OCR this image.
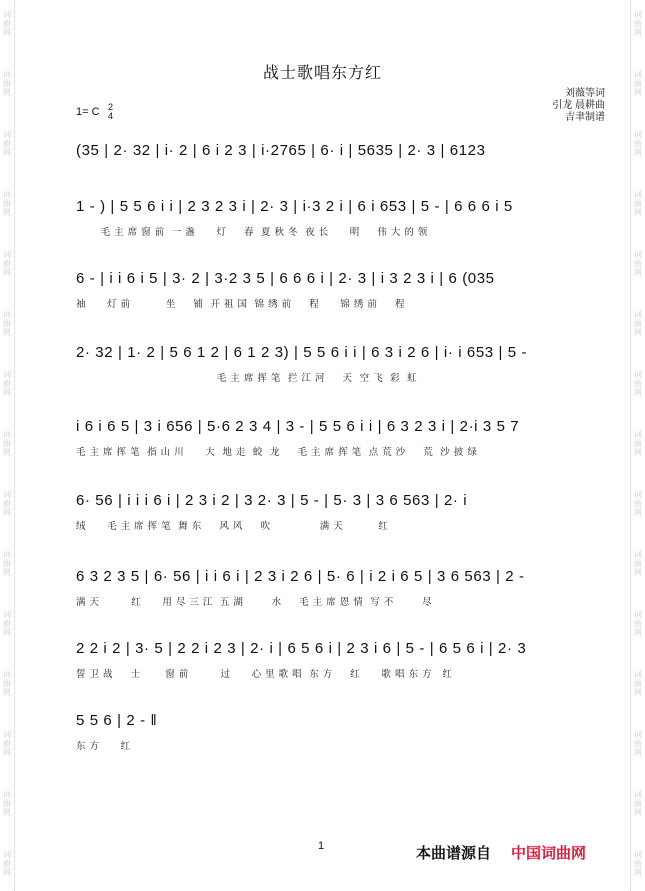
词
曲
网
词
曲
网
词
曲
网
词
曲
网
词
曲
网
词
曲
网
词
曲
网
词
曲
网
词
曲
网
词
曲
网
词
曲
网
词
曲
网
词
曲
网
词
曲
网
词
曲
网
词
曲
网
词
曲
网
词
曲
网
词
曲
网
词
曲
网
词
曲
网
词
曲
网
词
曲
网
词
曲
网
词
曲
网
词
曲
网
词
曲
网
词
曲
网
词
曲
网
词
曲
网
战士歌唱东方红
刘薇等词
引龙 晨耕曲
吉聿制谱
1= C 2
4
(35 | 2· 32 | i· 2 | 6 i 2 3 | i·2765 | 6· i | 5635 | 2· 3 | 6123
1 - ) | 5 5 6 i i | 2 3 2 3 i | 2· 3 | i·3 2 i | 6 i 653 | 5 - | 6 6 6 i 5
毛 主 席 窗 前  一 盏      灯     春  夏 秋 冬  夜 长      明     伟 大 的 领
6 - | i i 6 i 5 | 3· 2 | 3·2 3 5 | 6 6 6 i | 2· 3 | i 3 2 3 i | 6 (035
袖      灯 前          坐     铺  开 祖 国  锦 绣 前     程      锦 绣 前     程
2· 32 | 1· 2 | 5 6 1 2 | 6 1 2 3) | 5 5 6 i i | 6 3 i 2 6 | i· i 653 | 5 -
毛 主 席 挥 笔  拦 江 河     天  空 飞  彩  虹
i 6 i 6 5 | 3 i 656 | 5·6 2 3 4 | 3 - | 5 5 6 i i | 6 3 2 3 i | 2·i 3 5 7
毛 主 席 挥 笔  指 山 川      大  地 走  蛟  龙     毛 主 席 挥 笔  点 荒 沙     荒  沙 披 绿
6· 56 | i i i 6 i | 2 3 i 2 | 3 2· 3 | 5 - | 5· 3 | 3 6 563 | 2· i
绒      毛 主 席 挥 笔  舞 东     风 风     吹              满 天          红
6 3 2 3 5 | 6· 56 | i i 6 i | 2 3 i 2 6 | 5· 6 | i 2 i 6 5 | 3 6 563 | 2 -
满 天         红      用 尽 三 江  五 湖        水     毛 主 席 恩 情  写 不        尽
2 2 i 2 | 3· 5 | 2 2 i 2 3 | 2· i | 6 5 6 i | 2 3 i 6 | 5 - | 6 5 6 i | 2· 3
誓 卫 战     士       窗 前         过      心 里 歌 唱  东 方     红      歌 唱 东 方   红
5 5 6 | 2 - ‖
东 方      红
1	本曲谱源自 中国词曲网
